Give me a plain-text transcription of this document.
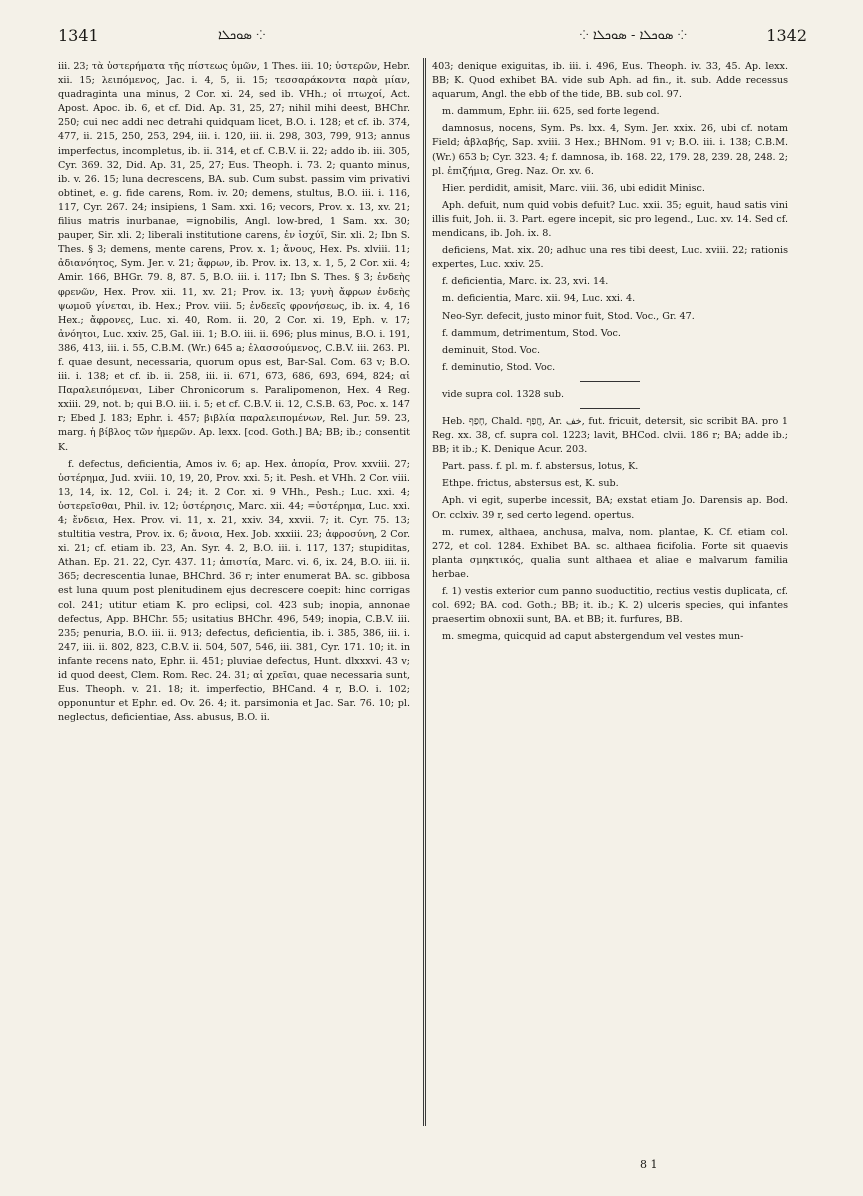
1341	⁘ ܣܘܟܠܐ	⁘ ܣܘܟܠܐ - ܣܘܟܠܐ ⁘	1342

iii. 23; τὰ ὑστερήματα τῆς πίστεως ὑμῶν, 1 Thes. iii. 10; ὑστερῶν, Hebr. xii. 15; λειπόμενος, Jac. i. 4, 5, ii. 15; τεσσαράκοντα παρὰ μίαν, quadraginta una minus, 2 Cor. xi. 24, sed ib. VHh.; οἱ πτωχοί, Act. Apost. Apoc. ib. 6, et cf. Did. Ap. 31, 25, 27; nihil mihi deest, BHChr. 250; cui nec addi nec detrahi quidquam licet, B.O. i. 128; et cf. ib. 374, 477, ii. 215, 250, 253, 294, iii. i. 120, iii. ii. 298, 303, 799, 913; annus imperfectus, incompletus, ib. ii. 314, et cf. C.B.V. ii. 22; addo ib. iii. 305, Cyr. 369. 32, Did. Ap. 31, 25, 27; Eus. Theoph. i. 73. 2; quanto minus, ib. v. 26. 15; luna decrescens, BA. sub. Cum subst. passim vim privativi obtinet, e. g. fide carens, Rom. iv. 20; demens, stultus, B.O. iii. i. 116, 117, Cyr. 267. 24; insipiens, 1 Sam. xxi. 16; vecors, Prov. x. 13, xv. 21; filius matris inurbanae, =ignobilis, Angl. low-bred, 1 Sam. xx. 30; pauper, Sir. xli. 2; liberali institutione carens, ἐν ἰσχύϊ, Sir. xli. 2; Ibn S. Thes. § 3; demens, mente carens, Prov. x. 1; ἄνους, Hex. Ps. xlviii. 11; ἀδιανόητος, Sym. Jer. v. 21; ἄφρων, ib. Prov. ix. 13, x. 1, 5, 2 Cor. xii. 4; Amir. 166, BHGr. 79. 8, 87. 5, B.O. iii. i. 117; Ibn S. Thes. § 3; ἐνδεὴς φρενῶν, Hex. Prov. xii. 11, xv. 21; Prov. ix. 13; γυνὴ ἄφρων ἐνδεὴς ψωμοῦ γίνεται, ib. Hex.; Prov. viii. 5; ἐνδεεῖς φρονήσεως, ib. ix. 4, 16 Hex.; ἄφρονες, Luc. xi. 40, Rom. ii. 20, 2 Cor. xi. 19, Eph. v. 17; ἀνόητοι, Luc. xxiv. 25, Gal. iii. 1; B.O. iii. ii. 696; plus minus, B.O. i. 191, 386, 413, iii. i. 55, C.B.M. (Wr.) 645 a; ἐλασσούμενος, C.B.V. iii. 263. Pl. f. quae desunt, necessaria, quorum opus est, Bar-Sal. Com. 63 v; B.O. iii. i. 138; et cf. ib. ii. 258, iii. ii. 671, 673, 686, 693, 694, 824; αἱ Παραλειπόμεναι, Liber Chronicorum s. Paralipomenon, Hex. 4 Reg. xxiii. 29, not. b; qui B.O. iii. i. 5; et cf. C.B.V. ii. 12, C.S.B. 63, Poc. x. 147 r; Ebed J. 183; Ephr. i. 457; βιβλία παραλειπομένων, Rel. Jur. 59. 23, marg. ἡ βίβλος τῶν ἡμερῶν. Ap. lexx. [cod. Goth.] BA; BB; ib.; consentit K.

f. defectus, deficientia, Amos iv. 6; ap. Hex. ἀπορία, Prov. xxviii. 27; ὑστέρημα, Jud. xviii. 10, 19, 20, Prov. xxi. 5; it. Pesh. et VHh. 2 Cor. viii. 13, 14, ix. 12, Col. i. 24; it. 2 Cor. xi. 9 VHh., Pesh.; Luc. xxi. 4; ὑστερεῖσθαι, Phil. iv. 12; ὑστέρησις, Marc. xii. 44; =ὑστέρημα, Luc. xxi. 4; ἔνδεια, Hex. Prov. vi. 11, x. 21, xxiv. 34, xxvii. 7; it. Cyr. 75. 13; stultitia vestra, Prov. ix. 6; ἄνοια, Hex. Job. xxxiii. 23; ἀφροσύνη, 2 Cor. xi. 21; cf. etiam ib. 23, An. Syr. 4. 2, B.O. iii. i. 117, 137; stupiditas, Athan. Ep. 21. 22, Cyr. 437. 11; ἀπιστία, Marc. vi. 6, ix. 24, B.O. iii. ii. 365; decrescentia lunae, BHChrd. 36 r; inter enumerat BA. sc. gibbosa est luna quum post plenitudinem ejus decrescere coepit: hinc corrigas col. 241; utitur etiam K. pro eclipsi, col. 423 sub; inopia, annonae defectus, App. BHChr. 55; usitatius BHChr. 496, 549; inopia, C.B.V. iii. 235; penuria, B.O. iii. ii. 913; defectus, deficientia, ib. i. 385, 386, iii. i. 247, iii. ii. 802, 823, C.B.V. ii. 504, 507, 546, iii. 381, Cyr. 171. 10; it. in infante recens nato, Ephr. ii. 451; pluviae defectus, Hunt. dlxxxvi. 43 v; id quod deest, Clem. Rom. Rec. 24. 31; αἱ χρεῖαι, quae necessaria sunt, Eus. Theoph. v. 21. 18; it. imperfectio, BHCand. 4 r, B.O. i. 102; opponuntur et Ephr. ed. Ov. 26. 4; it. parsimonia et Jac. Sar. 76. 10; pl. neglectus, deficientiae, Ass. abusus, B.O. ii.

403; denique exiguitas, ib. iii. i. 496, Eus. Theoph. iv. 33, 45. Ap. lexx. BB; K. Quod exhibet BA. vide sub Aph. ad fin., it. sub. Adde recessus aquarum, Angl. the ebb of the tide, BB. sub col. 97.

m. dammum, Ephr. iii. 625, sed forte legend.

damnosus, nocens, Sym. Ps. lxx. 4, Sym. Jer. xxix. 26, ubi cf. notam Field; ἀβλαβής, Sap. xviii. 3 Hex.; BHNom. 91 v; B.O. iii. i. 138; C.B.M. (Wr.) 653 b; Cyr. 323. 4; f. damnosa, ib. 168. 22, 179. 28, 239. 28, 248. 2; pl. ἐπιζήμια, Greg. Naz. Or. xv. 6.

Hier. perdidit, amisit, Marc. viii. 36, ubi edidit Minisc.

Aph. defuit, num quid vobis defuit? Luc. xxii. 35; eguit, haud satis vini illis fuit, Joh. ii. 3. Part. egere incepit, sic pro legend., Luc. xv. 14. Sed cf. mendicans, ib. Joh. ix. 8.

deficiens, Mat. xix. 20; adhuc una res tibi deest, Luc. xviii. 22; rationis expertes, Luc. xxiv. 25.

f. deficientia, Marc. ix. 23, xvi. 14.

m. deficientia, Marc. xii. 94, Luc. xxi. 4.

Neo-Syr. defecit, justo minor fuit, Stod. Voc., Gr. 47.

f. dammum, detrimentum, Stod. Voc.

deminuit, Stod. Voc.

f. deminutio, Stod. Voc.

vide supra col. 1328 sub.

Heb. ‏חָפַף‏, Chald. ‏חֲפַף‏, Ar. خف, fut. fricuit, detersit, sic scribit BA. pro 1 Reg. xx. 38, cf. supra col. 1223; lavit, BHCod. clvii. 186 r; BA; adde ib.; BB; it ib.; K. Denique Acur. 203.

Part. pass. f. pl. m. f. abstersus, lotus, K.

Ethpe. frictus, abstersus est, K. sub.

Aph. vi egit, superbe incessit, BA; exstat etiam Jo. Darensis ap. Bod. Or. cclxiv. 39 r, sed certo legend. opertus.

m. rumex, althaea, anchusa, malva, nom. plantae, K. Cf. etiam col. 272, et col. 1284. Exhibet BA. sc. althaea ficifolia. Forte sit quaevis planta σμηκτικός, qualia sunt althaea et aliae e malvarum familia herbae.

f. 1) vestis exterior cum panno suoductitio, rectius vestis duplicata, cf. col. 692; BA. cod. Goth.; BB; it. ib.; K. 2) ulceris species, qui infantes praesertim obnoxii sunt, BA. et BB; it. furfures, BB.

m. smegma, quicquid ad caput abstergendum vel vestes mun-

8 1
